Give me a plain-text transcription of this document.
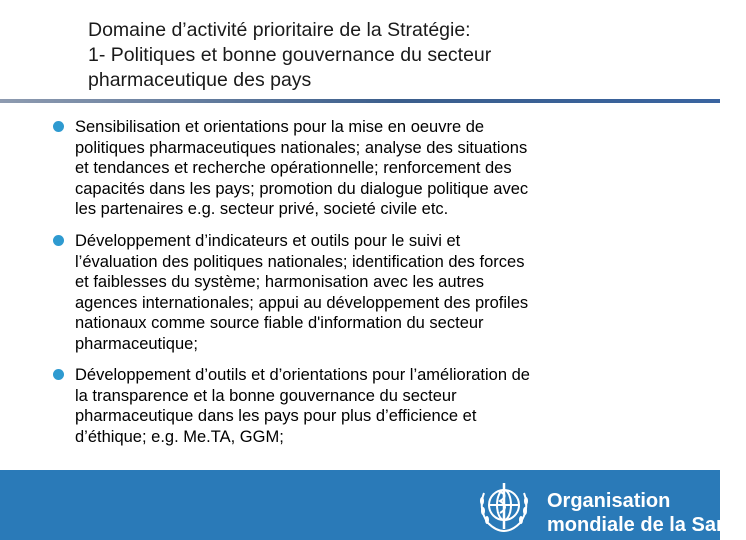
Domaine d’activité prioritaire de la Stratégie:
1- Politiques et bonne gouvernance du secteur
pharmaceutique des pays
Sensibilisation et orientations pour la mise en oeuvre de
politiques pharmaceutiques nationales; analyse des situations
et tendances et recherche opérationnelle; renforcement des
capacités dans les pays; promotion du dialogue politique avec
les partenaires e.g. secteur privé, societé civile etc.
Développement d’indicateurs et outils pour le suivi et
l’évaluation des politiques nationales; identification des forces
et faiblesses du système; harmonisation avec les autres
agences internationales; appui au développement des profiles
nationaux comme source fiable d'information du secteur
pharmaceutique;
Développement d’outils et d’orientations pour l’amélioration de
la transparence et la bonne gouvernance du secteur
pharmaceutique dans les pays pour plus d’efficience et
d’éthique; e.g. Me.TA, GGM;
Organisation
mondiale de la Santé
